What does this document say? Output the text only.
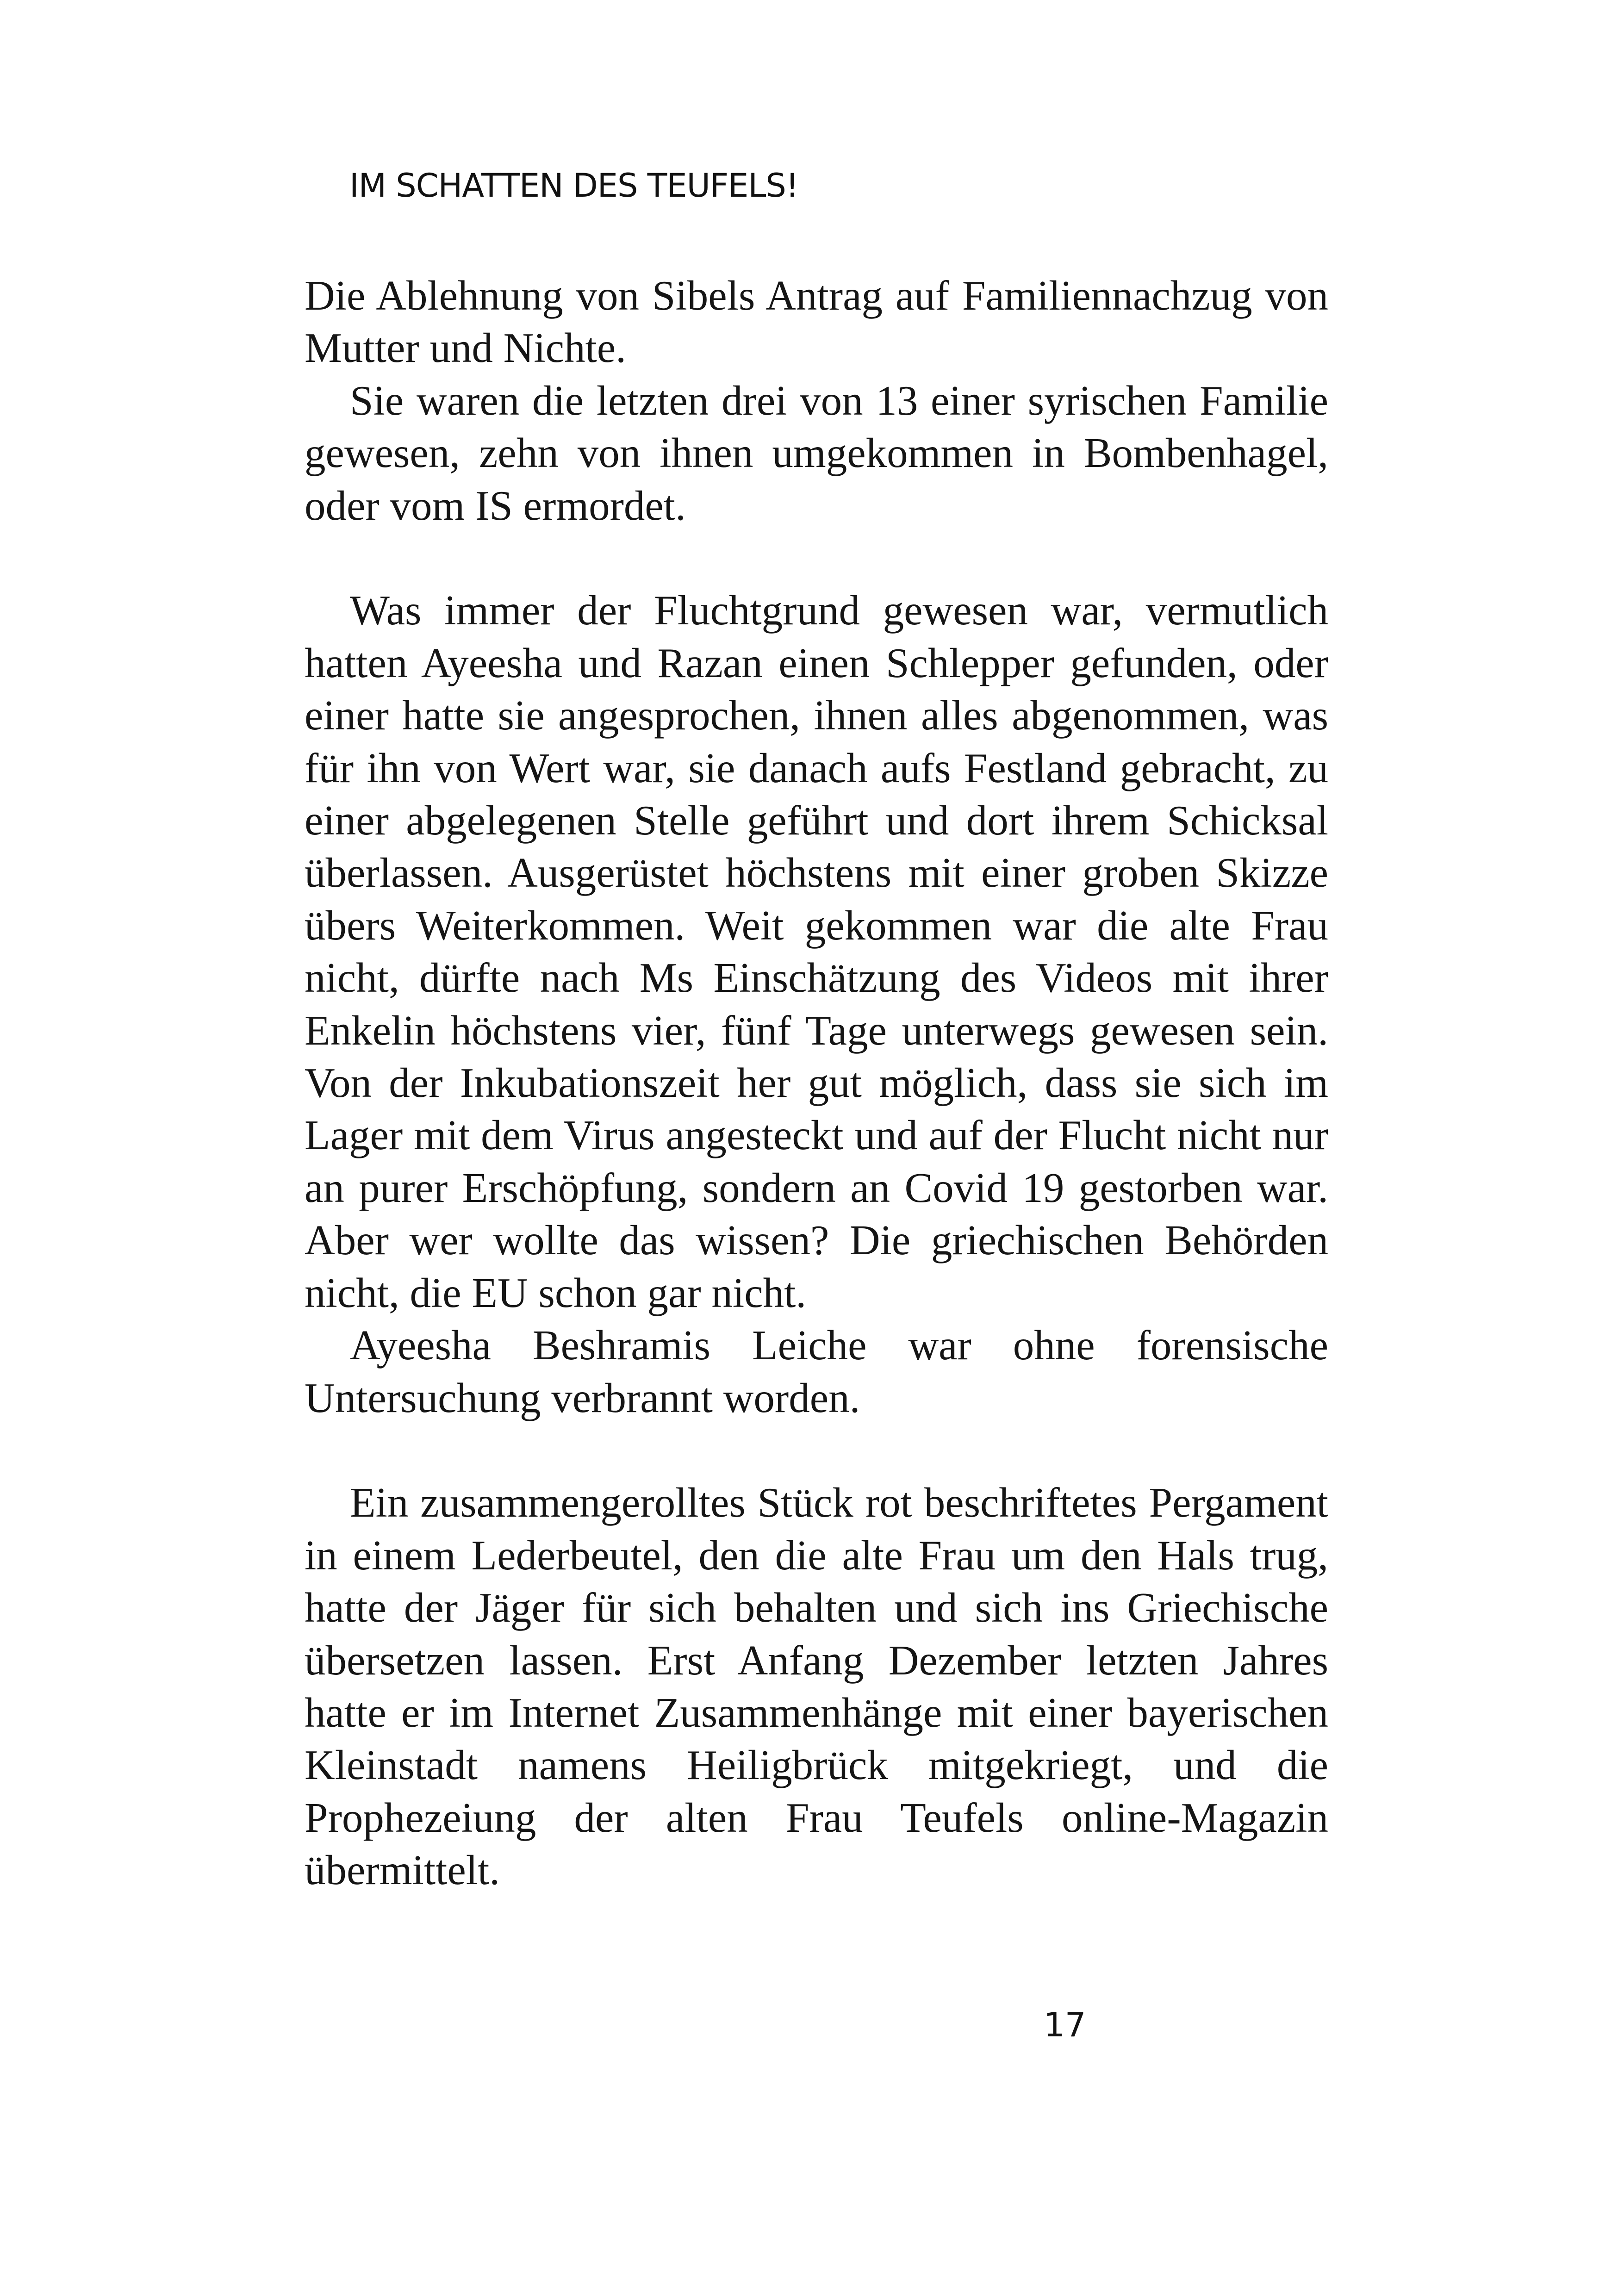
IM SCHATTEN DES TEUFELS!

Die Ablehnung von Sibels Antrag auf Familiennachzug von Mutter und Nichte.

Sie waren die letzten drei von 13 einer syrischen Familie gewesen, zehn von ihnen umgekommen in Bombenhagel, oder vom IS ermordet.

Was immer der Fluchtgrund gewesen war, vermutlich hatten Ayeesha und Razan einen Schlepper gefunden, oder einer hatte sie angesprochen, ihnen alles abgenommen, was für ihn von Wert war, sie danach aufs Festland gebracht, zu einer abgelegenen Stelle geführt und dort ihrem Schicksal überlassen. Ausgerüstet höchstens mit einer groben Skizze übers Weiterkommen. Weit gekommen war die alte Frau nicht, dürfte nach Ms Einschätzung des Videos mit ihrer Enkelin höchstens vier, fünf Tage unterwegs gewesen sein. Von der Inkubationszeit her gut möglich, dass sie sich im Lager mit dem Virus angesteckt und auf der Flucht nicht nur an purer Erschöpfung, sondern an Covid 19 gestorben war. Aber wer wollte das wissen? Die griechischen Behörden nicht, die EU schon gar nicht.

Ayeesha Beshramis Leiche war ohne forensische Untersuchung verbrannt worden.

Ein zusammengerolltes Stück rot beschriftetes Pergament in einem Lederbeutel, den die alte Frau um den Hals trug, hatte der Jäger für sich behalten und sich ins Griechische übersetzen lassen. Erst Anfang Dezember letzten Jahres hatte er im Internet Zusammenhänge mit einer bayerischen Kleinstadt namens Heiligbrück mitgekriegt, und die Prophezeiung der alten Frau Teufels online-Magazin übermittelt.

17
